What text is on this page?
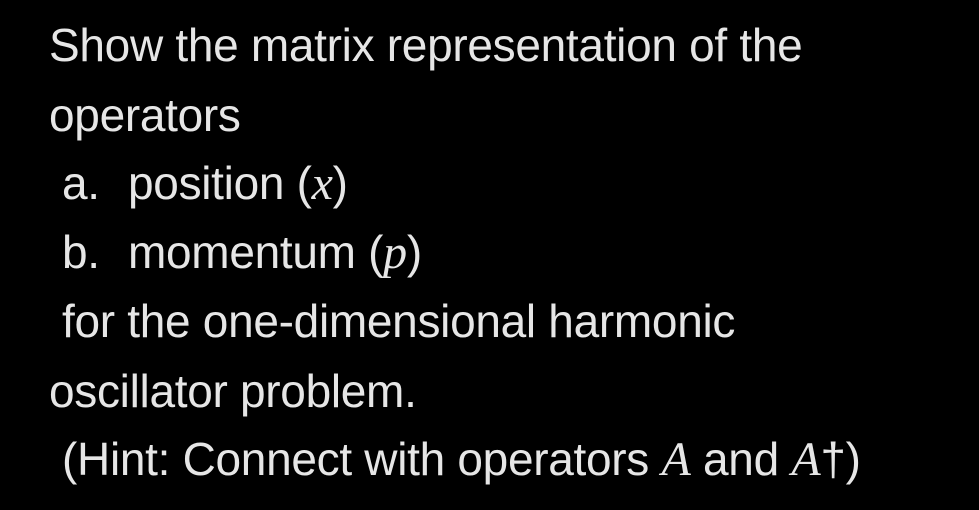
Show the matrix representation of the
operators
a. position (x)
b. momentum (p)
for the one-dimensional harmonic
oscillator problem.
(Hint: Connect with operators A and A†)
